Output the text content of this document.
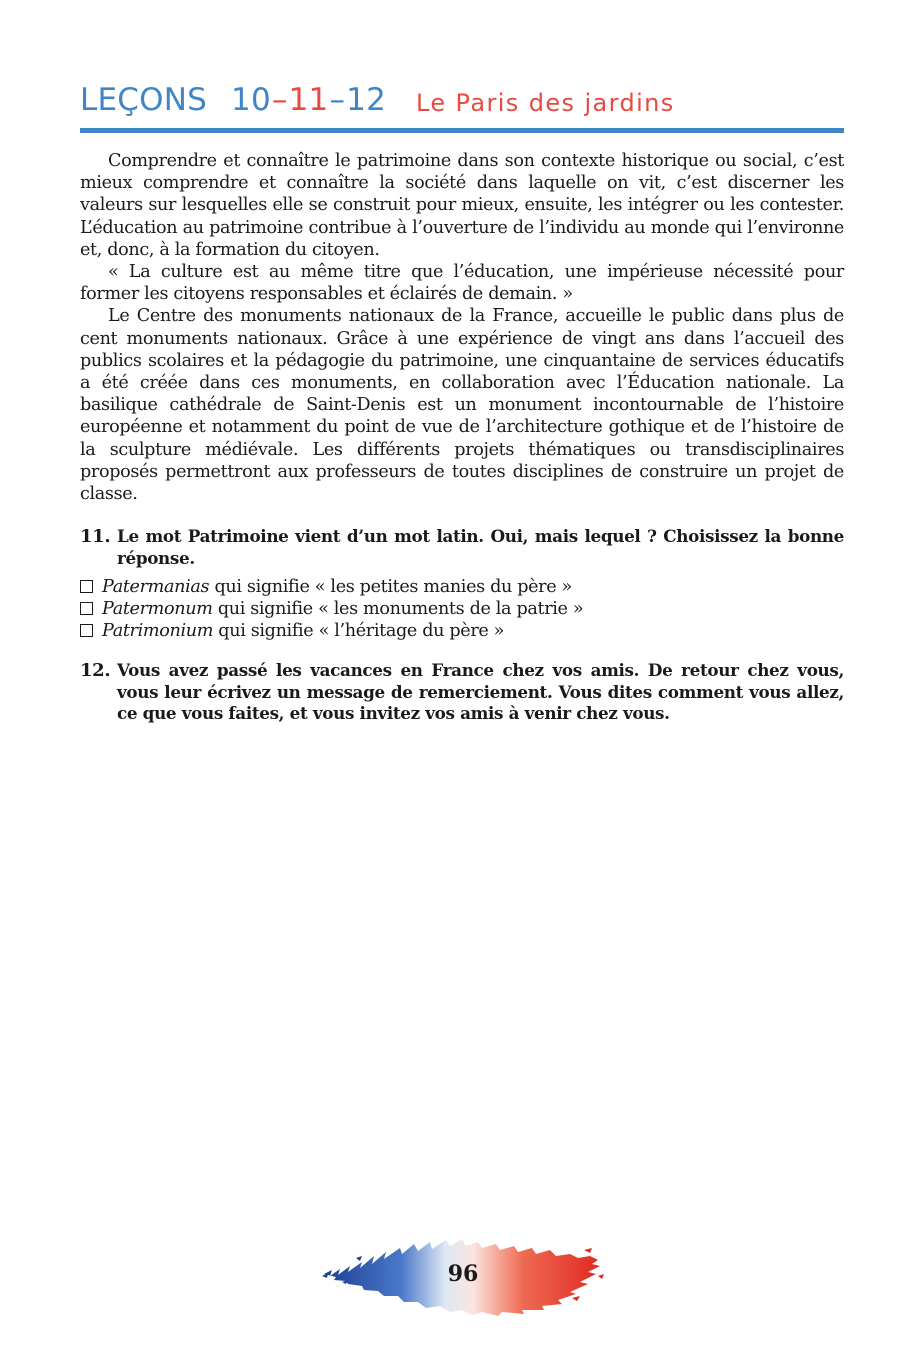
LEÇONS 10–11–12 Le Paris des jardins

Comprendre et connaître le patrimoine dans son contexte historique ou social, c’est mieux comprendre et connaître la société dans laquelle on vit, c’est discerner les valeurs sur lesquelles elle se construit pour mieux, ensuite, les intégrer ou les contester. L’éducation au patrimoine contribue à l’ouverture de l’individu au monde qui l’environne et, donc, à la formation du citoyen.

« La culture est au même titre que l’éducation, une impérieuse nécessité pour former les citoyens responsables et éclairés de demain. »

Le Centre des monuments nationaux de la France, accueille le public dans plus de cent monuments nationaux. Grâce à une expérience de vingt ans dans l’accueil des publics scolaires et la pédagogie du patrimoine, une cinquantaine de services éducatifs a été créée dans ces monuments, en collaboration avec l’Éducation nationale. La basilique cathédrale de Saint-Denis est un monument incontournable de l’histoire européenne et notamment du point de vue de l’architecture gothique et de l’histoire de la sculpture médiévale. Les différents projets thématiques ou transdisciplinaires proposés permettront aux professeurs de toutes disciplines de construire un projet de classe.

11. Le mot Patrimoine vient d’un mot latin. Oui, mais lequel ? Choisissez la bonne réponse.
Patermanias qui signifie « les petites manies du père »
Patermonum qui signifie « les monuments de la patrie »
Patrimonium qui signifie « l’héritage du père »
12. Vous avez passé les vacances en France chez vos amis. De retour chez vous, vous leur écrivez un message de remerciement. Vous dites comment vous allez, ce que vous faites, et vous invitez vos amis à venir chez vous.
96
